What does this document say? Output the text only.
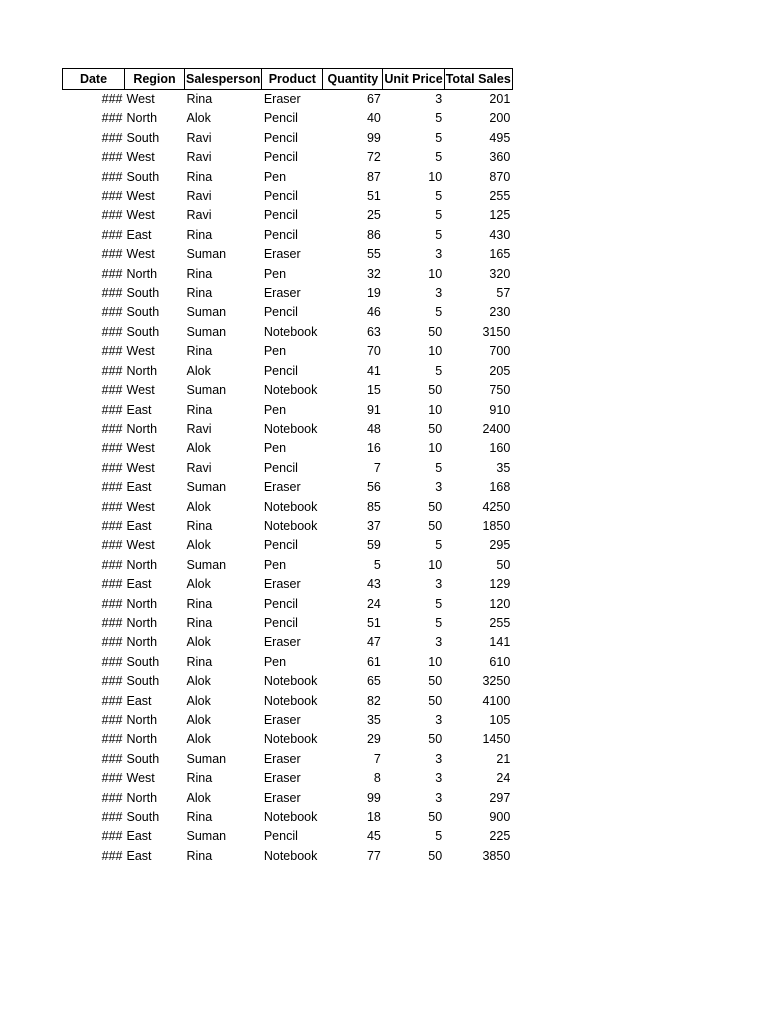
Date	Region	Salesperson	Product	Quantity	Unit Price	Total Sales
###	West	Rina	Eraser	67	3	201
###	North	Alok	Pencil	40	5	200
###	South	Ravi	Pencil	99	5	495
###	West	Ravi	Pencil	72	5	360
###	South	Rina	Pen	87	10	870
###	West	Ravi	Pencil	51	5	255
###	West	Ravi	Pencil	25	5	125
###	East	Rina	Pencil	86	5	430
###	West	Suman	Eraser	55	3	165
###	North	Rina	Pen	32	10	320
###	South	Rina	Eraser	19	3	57
###	South	Suman	Pencil	46	5	230
###	South	Suman	Notebook	63	50	3150
###	West	Rina	Pen	70	10	700
###	North	Alok	Pencil	41	5	205
###	West	Suman	Notebook	15	50	750
###	East	Rina	Pen	91	10	910
###	North	Ravi	Notebook	48	50	2400
###	West	Alok	Pen	16	10	160
###	West	Ravi	Pencil	7	5	35
###	East	Suman	Eraser	56	3	168
###	West	Alok	Notebook	85	50	4250
###	East	Rina	Notebook	37	50	1850
###	West	Alok	Pencil	59	5	295
###	North	Suman	Pen	5	10	50
###	East	Alok	Eraser	43	3	129
###	North	Rina	Pencil	24	5	120
###	North	Rina	Pencil	51	5	255
###	North	Alok	Eraser	47	3	141
###	South	Rina	Pen	61	10	610
###	South	Alok	Notebook	65	50	3250
###	East	Alok	Notebook	82	50	4100
###	North	Alok	Eraser	35	3	105
###	North	Alok	Notebook	29	50	1450
###	South	Suman	Eraser	7	3	21
###	West	Rina	Eraser	8	3	24
###	North	Alok	Eraser	99	3	297
###	South	Rina	Notebook	18	50	900
###	East	Suman	Pencil	45	5	225
###	East	Rina	Notebook	77	50	3850
